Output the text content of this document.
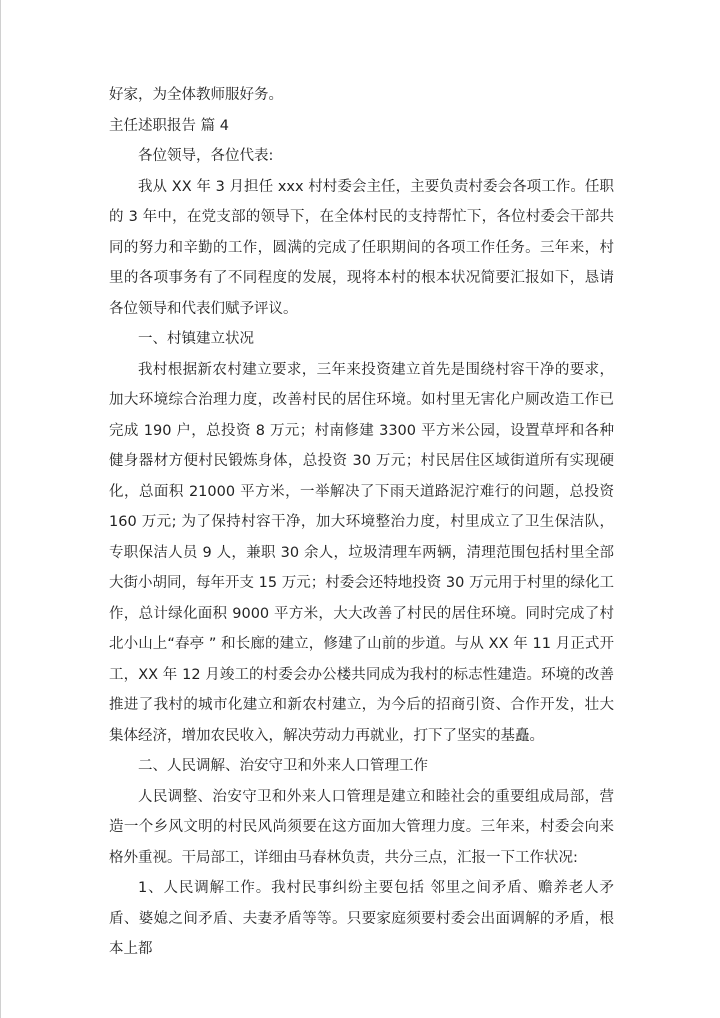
好家，为全体教师服好务。

主任述职报告 篇 4

各位领导，各位代表:

我从 XX 年 3 月担任 xxx 村村委会主任，主要负责村委会各项工作。任职的 3 年中，在党支部的领导下，在全体村民的支持帮忙下，各位村委会干部共同的努力和辛勤的工作，圆满的完成了任职期间的各项工作任务。三年来，村里的各项事务有了不同程度的发展，现将本村的根本状况简要汇报如下，恳请各位领导和代表们赋予评议。

一、村镇建立状况

我村根据新农村建立要求，三年来投资建立首先是围绕村容干净的要求，加大环境综合治理力度，改善村民的居住环境。如村里无害化户厕改造工作已完成 190 户，总投资 8 万元；村南修建 3300 平方米公园，设置草坪和各种健身器材方便村民锻炼身体，总投资 30 万元；村民居住区域街道所有实现硬化，总面积 21000 平方米，一举解决了下雨天道路泥泞难行的问题，总投资 160 万元; 为了保持村容干净，加大环境整治力度，村里成立了卫生保洁队，专职保洁人员 9 人，兼职 30 余人，垃圾清理车两辆，清理范围包括村里全部大街小胡同，每年开支 15 万元；村委会还特地投资 30 万元用于村里的绿化工作，总计绿化面积 9000 平方米，大大改善了村民的居住环境。同时完成了村北小山上“春亭 ” 和长廊的建立，修建了山前的步道。与从 XX 年 11 月正式开工，XX 年 12 月竣工的村委会办公楼共同成为我村的标志性建造。环境的改善推进了我村的城市化建立和新农村建立，为今后的招商引资、合作开发，壮大集体经济，增加农民收入，解决劳动力再就业，打下了坚实的基矗。

二、人民调解、治安守卫和外来人口管理工作

人民调整、治安守卫和外来人口管理是建立和睦社会的重要组成局部，营造一个乡风文明的村民风尚须要在这方面加大管理力度。三年来，村委会向来格外重视。干局部工，详细由马春林负责，共分三点，汇报一下工作状况:

1、人民调解工作。我村民事纠纷主要包括 邻里之间矛盾、赡养老人矛盾、婆媳之间矛盾、夫妻矛盾等等。只要家庭须要村委会出面调解的矛盾，根本上都
